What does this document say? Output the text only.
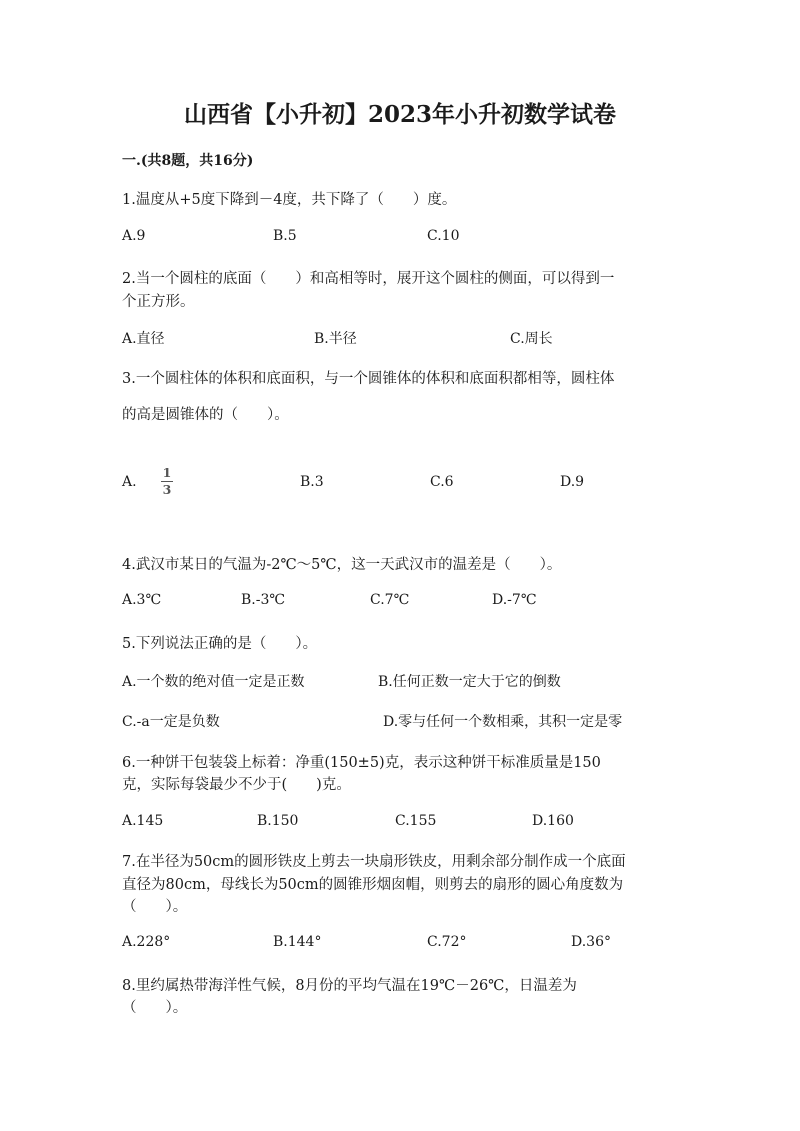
山西省【小升初】2023年小升初数学试卷
一.(共8题，共16分)
1.温度从+5度下降到－4度，共下降了（　　）度。
A.9	B.5	C.10
2.当一个圆柱的底面（　　）和高相等时，展开这个圆柱的侧面，可以得到一
个正方形。
A.直径	B.半径	C.周长
3.一个圆柱体的体积和底面积，与一个圆锥体的体积和底面积都相等，圆柱体
的高是圆锥体的（　　）。
A.
1
3	B.3	C.6	D.9
4.武汉市某日的气温为-2℃～5℃，这一天武汉市的温差是（　　）。
A.3℃	B.-3℃	C.7℃	D.-7℃
5.下列说法正确的是（　　）。
A.一个数的绝对值一定是正数	B.任何正数一定大于它的倒数
C.-a一定是负数	D.零与任何一个数相乘，其积一定是零
6.一种饼干包装袋上标着：净重(150±5)克，表示这种饼干标准质量是150
克，实际每袋最少不少于(　　)克。
A.145	B.150	C.155	D.160
7.在半径为50cm的圆形铁皮上剪去一块扇形铁皮，用剩余部分制作成一个底面
直径为80cm，母线长为50cm的圆锥形烟囱帽，则剪去的扇形的圆心角度数为
（　　）。
A.228°	B.144°	C.72°	D.36°
8.里约属热带海洋性气候，8月份的平均气温在19℃－26℃，日温差为
（　　）。
